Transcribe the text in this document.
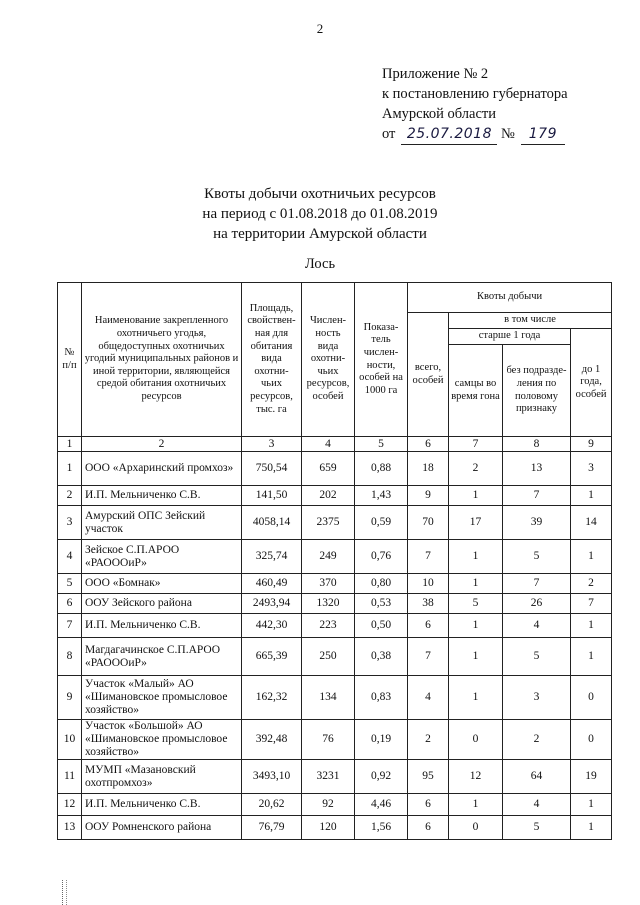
2
Приложение № 2
к постановлению губернатора
Амурской области
от 25.07.2018 № 179
Квоты добычи охотничьих ресурсов
на период с 01.08.2018 до 01.08.2019
на территории Амурской области
Лось
№ п/п	Наименование закрепленного охотничьего угодья, общедоступных охотничьих угодий муниципальных районов и иной территории, являющейся средой обитания охотничьих ресурсов	Площадь, свойствен-ная для обитания вида охотни-чьих ресурсов, тыс. га	Числен-ность вида охотни-чьих ресурсов, особей	Показа-тель числен-ности, особей на 1000 га	Квоты добычи			
					всего, особей	в том числе		
						старше 1 года		до 1 года, особей
						самцы во время гона	без подразде-ления по половому признаку	
1	2	3	4	5	6	7	8	9
1	ООО «Архаринский промхоз»	750,54	659	0,88	18	2	13	3
2	И.П. Мельниченко С.В.	141,50	202	1,43	9	1	7	1
3	Амурский ОПС Зейский участок	4058,14	2375	0,59	70	17	39	14
4	Зейское С.П.АРОО «РАОООиР»	325,74	249	0,76	7	1	5	1
5	ООО «Бомнак»	460,49	370	0,80	10	1	7	2
6	ООУ Зейского района	2493,94	1320	0,53	38	5	26	7
7	И.П. Мельниченко С.В.	442,30	223	0,50	6	1	4	1
8	Магдагачинское С.П.АРОО «РАОООиР»	665,39	250	0,38	7	1	5	1
9	Участок «Малый» АО «Шимановское промысловое хозяйство»	162,32	134	0,83	4	1	3	0
10	Участок «Большой» АО «Шимановское промысловое хозяйство»	392,48	76	0,19	2	0	2	0
11	МУМП «Мазановский охотпромхоз»	3493,10	3231	0,92	95	12	64	19
12	И.П. Мельниченко С.В.	20,62	92	4,46	6	1	4	1
13	ООУ Ромненского района	76,79	120	1,56	6	0	5	1
